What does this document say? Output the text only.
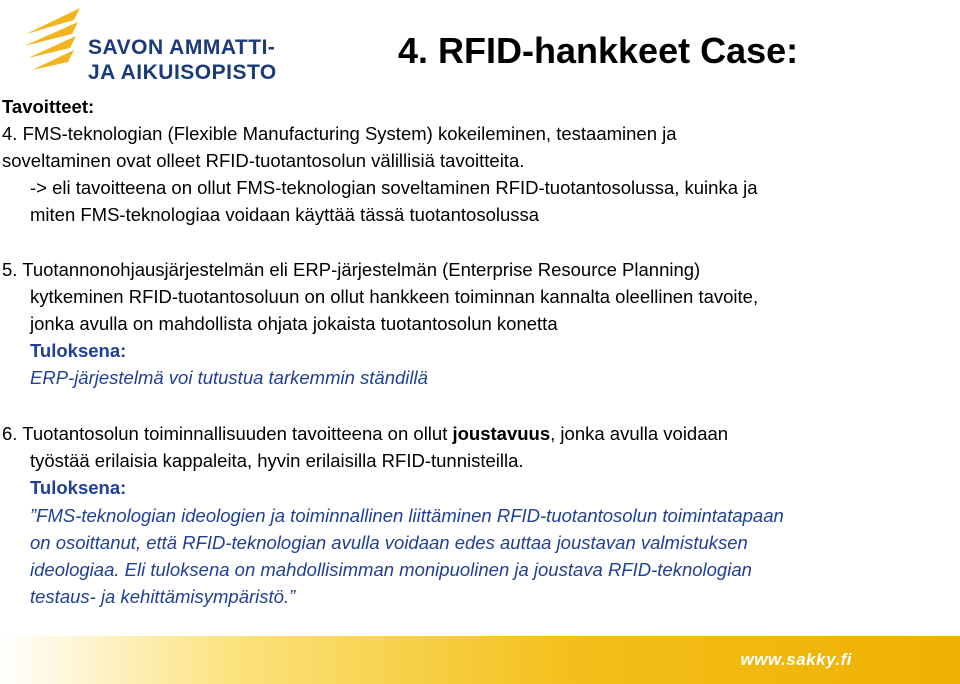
SAVON AMMATTI-
JA AIKUISOPISTO
4. RFID-hankkeet Case:

Tavoitteet:

4. FMS-teknologian (Flexible Manufacturing System) kokeileminen, testaaminen ja

soveltaminen ovat olleet RFID-tuotantosolun välillisiä tavoitteita.

-> eli tavoitteena on ollut FMS-teknologian soveltaminen RFID-tuotantosolussa, kuinka ja

miten FMS-teknologiaa voidaan käyttää tässä tuotantosolussa

5. Tuotannonohjausjärjestelmän eli ERP-järjestelmän (Enterprise Resource Planning)

kytkeminen RFID-tuotantosoluun on ollut hankkeen toiminnan kannalta oleellinen tavoite,

jonka avulla on mahdollista ohjata jokaista tuotantosolun konetta

Tuloksena:

ERP-järjestelmä voi tutustua tarkemmin ständillä

6. Tuotantosolun toiminnallisuuden tavoitteena on ollut joustavuus, jonka avulla voidaan

työstää erilaisia kappaleita, hyvin erilaisilla RFID-tunnisteilla.

Tuloksena:

”FMS-teknologian ideologien ja toiminnallinen liittäminen RFID-tuotantosolun toimintatapaan

on osoittanut, että RFID-teknologian avulla voidaan edes auttaa joustavan valmistuksen

ideologiaa. Eli tuloksena on mahdollisimman monipuolinen ja joustava RFID-teknologian

testaus- ja kehittämisympäristö.”

www.sakky.fi
